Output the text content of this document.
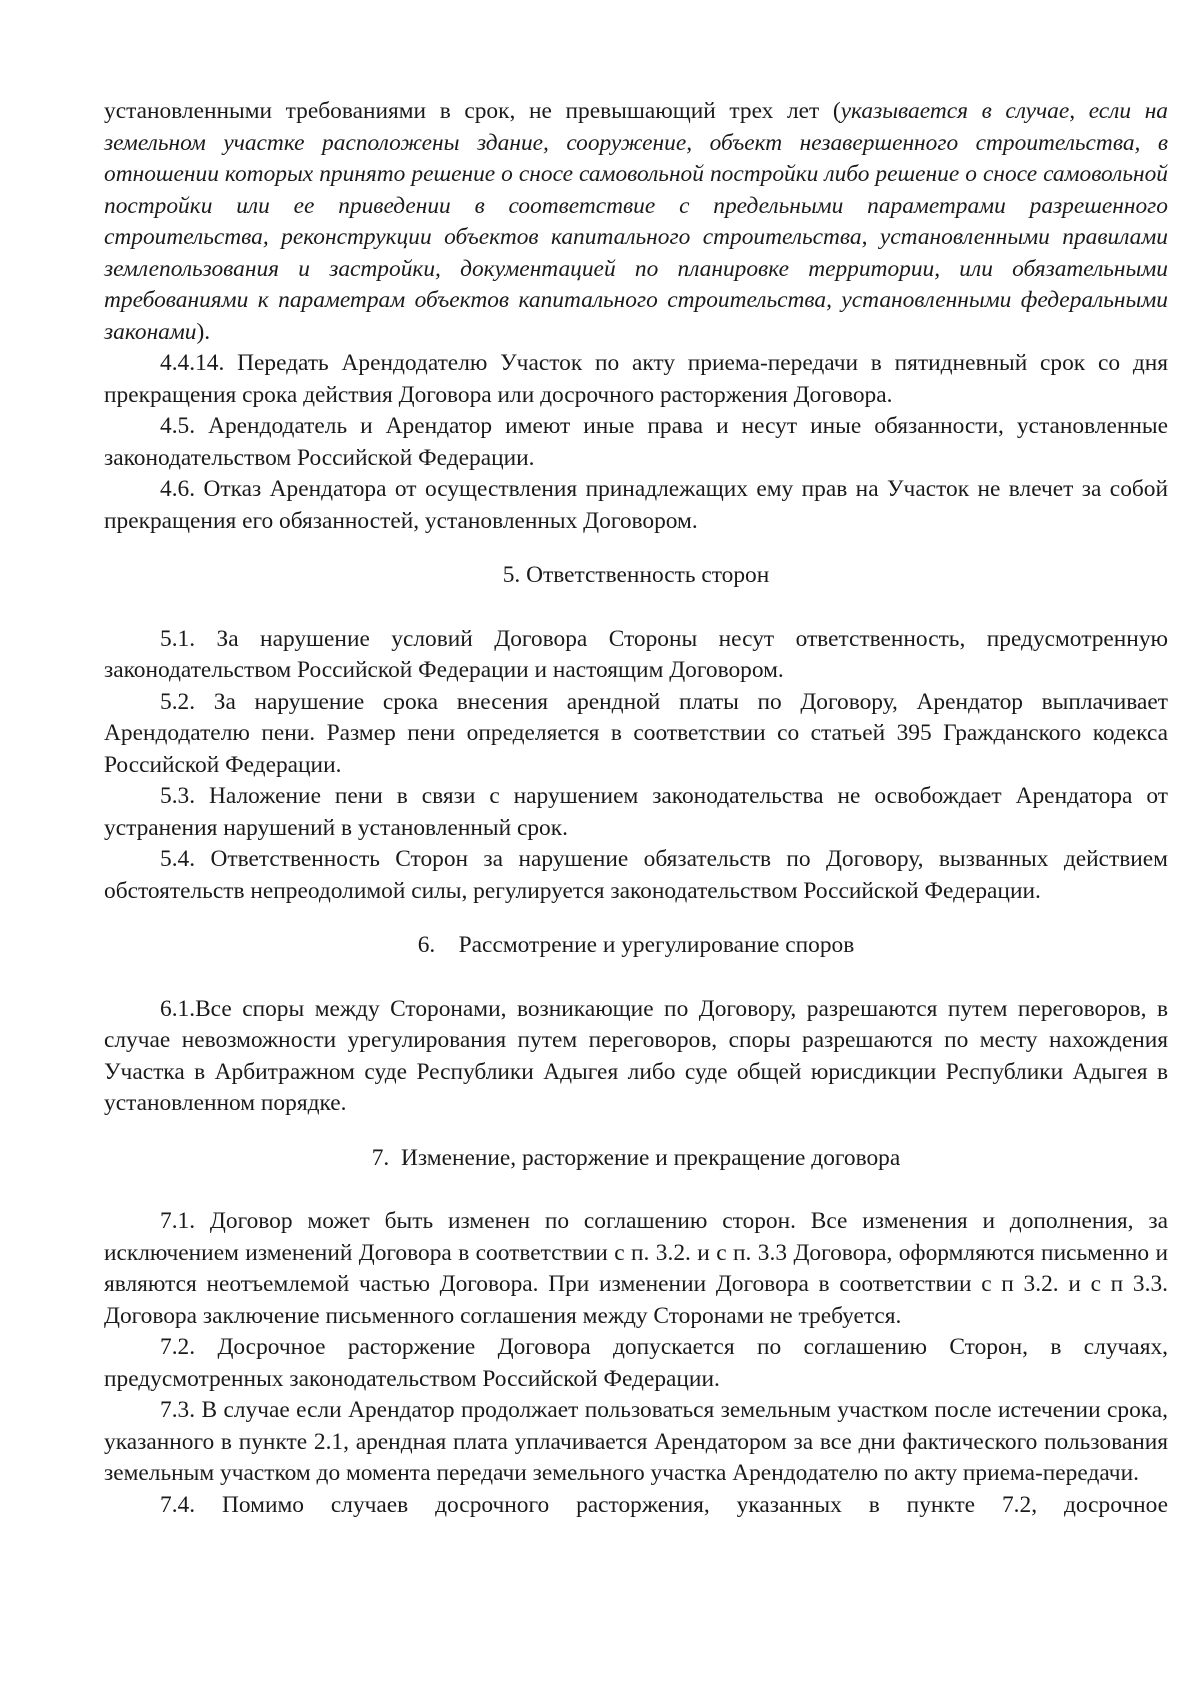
установленными требованиями в срок, не превышающий трех лет (указывается в случае, если на земельном участке расположены здание, сооружение, объект незавершенного строительства, в отношении которых принято решение о сносе самовольной постройки либо решение о сносе самовольной постройки или ее приведении в соответствие с предельными параметрами разрешенного строительства, реконструкции объектов капитального строительства, установленными правилами землепользования и застройки, документацией по планировке территории, или обязательными требованиями к параметрам объектов капитального строительства, установленными федеральными законами).

4.4.14. Передать Арендодателю Участок по акту приема-передачи в пятидневный срок со дня прекращения срока действия Договора или досрочного расторжения Договора.

4.5. Арендодатель и Арендатор имеют иные права и несут иные обязанности, установленные законодательством Российской Федерации.

4.6. Отказ Арендатора от осуществления принадлежащих ему прав на Участок не влечет за собой прекращения его обязанностей, установленных Договором.

5. Ответственность сторон

5.1. За нарушение условий Договора Стороны несут ответственность, предусмотренную законодательством Российской Федерации и настоящим Договором.

5.2. За нарушение срока внесения арендной платы по Договору, Арендатор выплачивает Арендодателю пени. Размер пени определяется в соответствии со статьей 395 Гражданского кодекса Российской Федерации.

5.3. Наложение пени в связи с нарушением законодательства не освобождает Арендатора от устранения нарушений в установленный срок.

5.4. Ответственность Сторон за нарушение обязательств по Договору, вызванных действием обстоятельств непреодолимой силы, регулируется законодательством Российской Федерации.

6.    Рассмотрение и урегулирование споров

6.1.Все споры между Сторонами, возникающие по Договору, разрешаются путем переговоров, в случае невозможности урегулирования путем переговоров, споры разрешаются по месту нахождения Участка в Арбитражном суде Республики Адыгея либо суде общей юрисдикции Республики Адыгея в установленном порядке.

7.  Изменение, расторжение и прекращение договора

7.1. Договор может быть изменен по соглашению сторон. Все изменения и дополнения, за исключением изменений Договора в соответствии с п. 3.2. и с п. 3.3 Договора, оформляются письменно и являются неотъемлемой частью Договора. При изменении Договора в соответствии с п 3.2. и с п 3.3. Договора заключение письменного соглашения между Сторонами не требуется.

7.2. Досрочное расторжение Договора допускается по соглашению Сторон, в случаях, предусмотренных законодательством Российской Федерации.

7.3. В случае если Арендатор продолжает пользоваться земельным участком после истечении срока, указанного в пункте 2.1, арендная плата уплачивается Арендатором за все дни фактического пользования земельным участком до момента передачи земельного участка Арендодателю по акту приема-передачи.

7.4. Помимо случаев досрочного расторжения, указанных в пункте 7.2, досрочное
